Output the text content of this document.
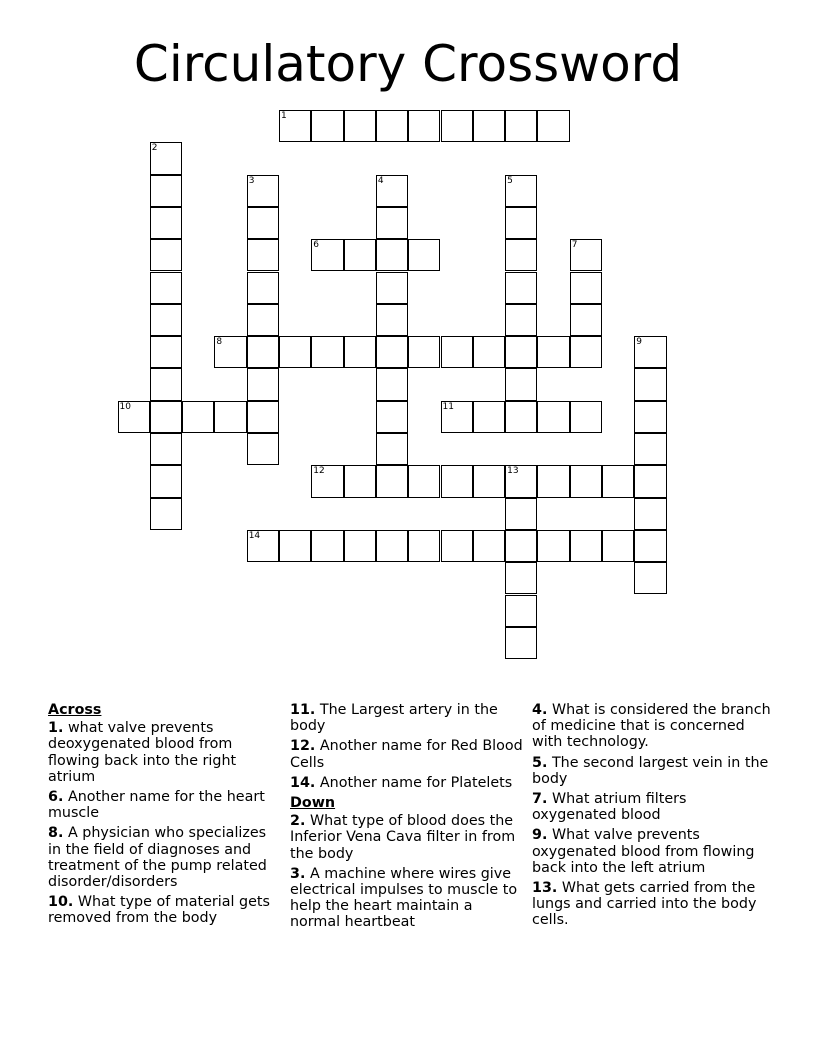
Circulatory Crossword
1
2
3	4	5
6	7
8	9
10	11
12	13
14
Across
1. what valve prevents deoxygenated blood from flowing back into the right atrium
6. Another name for the heart muscle
8. A physician who specializes in the field of diagnoses and treatment of the pump related disorder/disorders
10. What type of material gets removed from the body
11. The Largest artery in the body
12. Another name for Red Blood Cells
14. Another name for Platelets
Down
2. What type of blood does the Inferior Vena Cava filter in from the body
3. A machine where wires give electrical impulses to muscle to help the heart maintain a normal heartbeat
4. What is considered the branch of medicine that is concerned with technology.
5. The second largest vein in the body
7. What atrium filters oxygenated blood
9. What valve prevents oxygenated blood from flowing back into the left atrium
13. What gets carried from the lungs and carried into the body cells.
